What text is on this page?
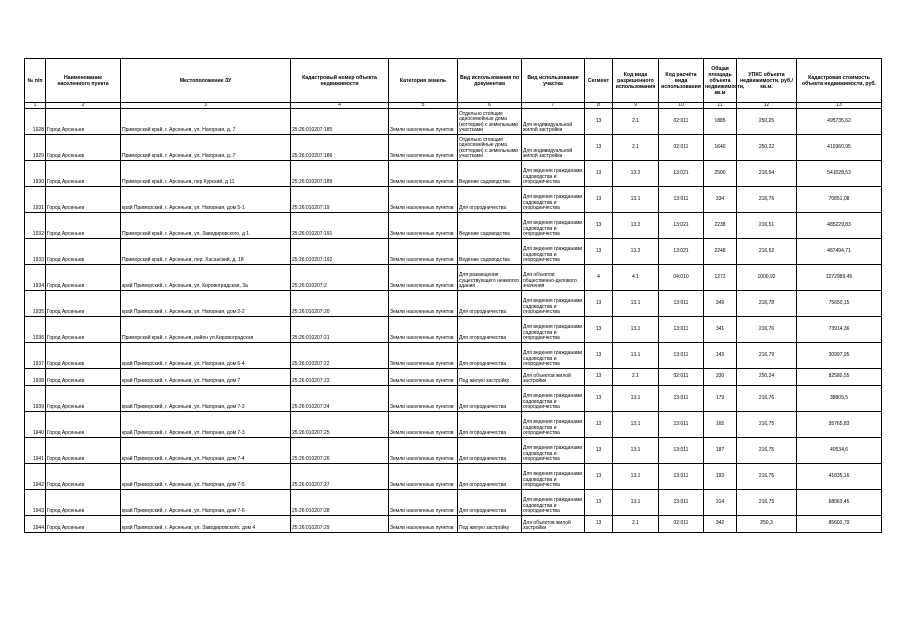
№ п/п	Наименование населенного пункта	Местоположение ЗУ	Кадастровый номер объекта недвижимости	Категория земель	Вид использования по документам	Вид использования участка	Сегмент	Код вида разрешенного использования	Код расчёта вида использования	Общая площадь объекта недвижимости, кв.м	УПКС объекта недвижимости, руб./кв.м.	Кадастровая стоимость объекта недвижимости, руб.
1	2	3	4	5	6	7	8	9	10	11	12	13
1928	Город Арсеньев	Приморский край, г. Арсеньев, ул. Нагорная, д. 7	25:26:010207:185	Земли населенных пунктов	Отдельно стоящие односемейные дома (коттеджи) с земельными участками	Для индивидуальной жилой застройки	13	2.1	02:011	1885	250,25	495735,62
1929	Город Арсеньев	Приморский край, г. Арсеньев, ул. Нагорная, д. 7	25:26:010207:186	Земли населенных пунктов	Отдельно стоящие односемейные дома (коттеджи) с земельными участками	Для индивидуальной жилой застройки	13	2.1	02:011	1640	250,22	410360,95
1930	Город Арсеньев	Приморский край, г. Арсеньев, пер Курский, д 11	25:26:010207:189	Земли населенных пунктов	Ведение садоводства	Для ведения гражданами садоводства и огородничества	13	13.2	13:021	2500	216,54	541028,53
1931	Город Арсеньев	край Приморский, г. Арсеньев, ул. Нагорная, дом 5-1	25:26:010207:19	Земли населенных пунктов	Для огородничества	Для ведения гражданами садоводства и огородничества	13	13.1	13:011	334	216,76	70851,08
1932	Город Арсеньев	Приморский край, г. Арсеньев, ул. Заводировского, д 1	25:26:010207:191	Земли населенных пунктов	Ведение садоводства	Для ведения гражданами садоводства и огородничества	13	13.2	13:021	2238	216,51	485229,83
1933	Город Арсеньев	Приморский край, г. Арсеньев, пер. Хасанский, д. 18	25:26:010207:192	Земли населенных пунктов	Ведение садоводства	Для ведения гражданами садоводства и огородничества	13	13.2	13:021	2248	216,62	487494,71
1934	Город Арсеньев	край Приморский, г. Арсеньев, ул. Кировоградская, 3а	25:26:010207:2	Земли населенных пунктов	Для размещения существующего нежилого здания	Для объектов общественно-делового значения	4	4.1	04:010	1272	1000,92	1272989,45
1935	Город Арсеньев	край Приморский, г. Арсеньев, ул. Нагорная, дом 2-2	25:26:010207:20	Земли населенных пунктов	Для огородничества	Для ведения гражданами садоводства и огородничества	13	13.1	13:011	349	216,78	75650,15
1936	Город Арсеньев	Приморский край, г. Арсеньев, район ул.Кировоградская	25:26:010207:21	Земли населенных пунктов	Для огородничества	Для ведения гражданами садоводства и огородничества	13	13.1	13:011	341	216,76	73914,36
1937	Город Арсеньев	край Приморский, г. Арсеньев, ул. Нагорная, дом 6-4	25:26:010207:22	Земли населенных пунктов	Для огородничества	Для ведения гражданами садоводства и огородничества	13	13.1	13:011	143	216,79	30997,95
1938	Город Арсеньев	край Приморский, г. Арсеньев, ул. Нагорная, дом 7	25:26:010207:23	Земли населенных пунктов	Под жилую застройку	Для объектов жилой застройки	13	2.1	02:011	330	250,24	82580,55
1939	Город Арсеньев	край Приморский, г. Арсеньев, ул. Нагорная, дом 7-2	25:26:010207:24	Земли населенных пунктов	Для огородничества	Для ведения гражданами садоводства и огородничества	13	13.1	13:011	179	216,76	38809,5
1940	Город Арсеньев	край Приморский, г. Арсеньев, ул. Нагорная, дом 7-3	25:26:010207:25	Земли населенных пунктов	Для огородничества	Для ведения гражданами садоводства и огородничества	13	13.1	13:011	165	216,75	35765,83
1941	Город Арсеньев	край Приморский, г. Арсеньев, ул. Нагорная, дом 7-4	25:26:010207:26	Земли населенных пунктов	Для огородничества	Для ведения гражданами садоводства и огородничества	13	13.1	13:011	187	216,75	40534,6
1942	Город Арсеньев	край Приморский, г. Арсеньев, ул. Нагорная, дом 7-5	25:26:010207:27	Земли населенных пунктов	Для огородничества	Для ведения гражданами садоводства и огородничества	13	13.1	13:011	193	216,76	41835,16
1943	Город Арсеньев	край Приморский, г. Арсеньев, ул. Нагорная, дом 7-6	25:26:010207:28	Земли населенных пунктов	Для огородничества	Для ведения гражданами садоводства и огородничества	13	13.1	13:011	314	216,75	68063,45
1944	Город Арсеньев	край Приморский, г. Арсеньев, ул. Заводировского, дом 4	25:26:010207:29	Земли населенных пунктов	Под жилую застройку	Для объектов жилой застройки	13	2.1	02:011	342	250,3	85603,79
